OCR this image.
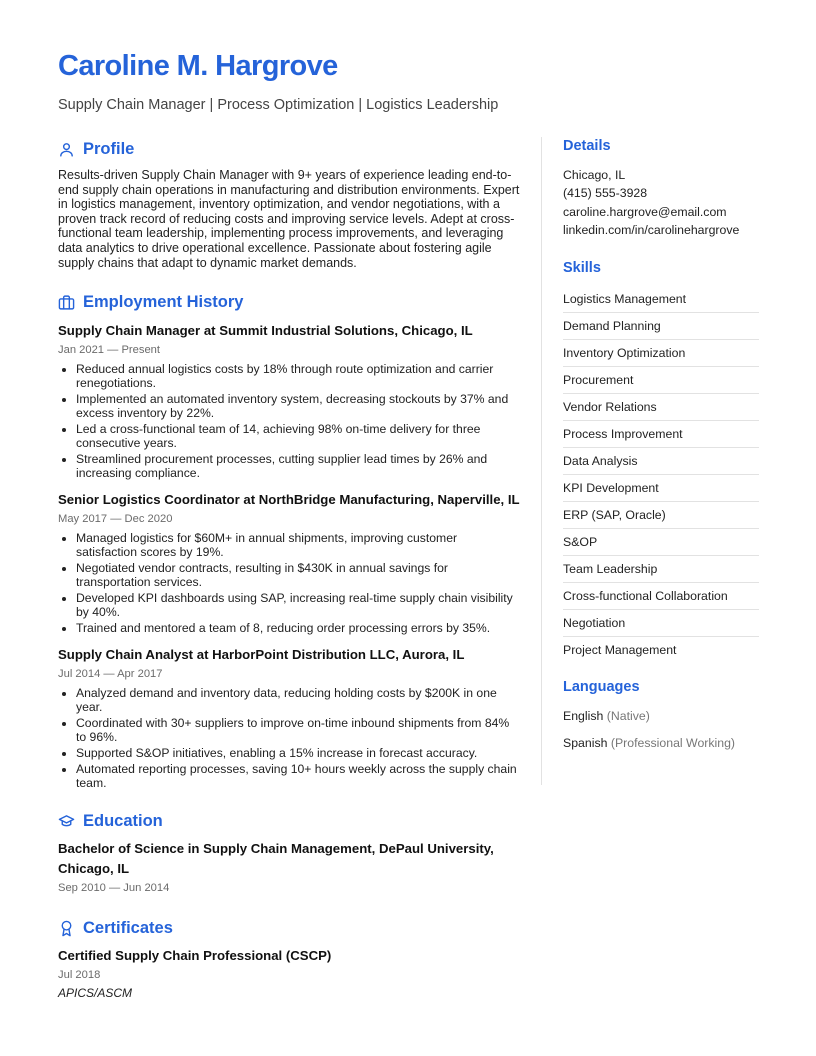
Caroline M. Hargrove
Supply Chain Manager | Process Optimization | Logistics Leadership
Profile
Results-driven Supply Chain Manager with 9+ years of experience leading end-to-end supply chain operations in manufacturing and distribution environments. Expert in logistics management, inventory optimization, and vendor negotiations, with a proven track record of reducing costs and improving service levels. Adept at cross-functional team leadership, implementing process improvements, and leveraging data analytics to drive operational excellence. Passionate about fostering agile supply chains that adapt to dynamic market demands.
Employment History
Supply Chain Manager at Summit Industrial Solutions, Chicago, IL
Jan 2021 — Present
• Reduced annual logistics costs by 18% through route optimization and carrier renegotiations.
• Implemented an automated inventory system, decreasing stockouts by 37% and excess inventory by 22%.
• Led a cross-functional team of 14, achieving 98% on-time delivery for three consecutive years.
• Streamlined procurement processes, cutting supplier lead times by 26% and increasing compliance.
Senior Logistics Coordinator at NorthBridge Manufacturing, Naperville, IL
May 2017 — Dec 2020
• Managed logistics for $60M+ in annual shipments, improving customer satisfaction scores by 19%.
• Negotiated vendor contracts, resulting in $430K in annual savings for transportation services.
• Developed KPI dashboards using SAP, increasing real-time supply chain visibility by 40%.
• Trained and mentored a team of 8, reducing order processing errors by 35%.
Supply Chain Analyst at HarborPoint Distribution LLC, Aurora, IL
Jul 2014 — Apr 2017
• Analyzed demand and inventory data, reducing holding costs by $200K in one year.
• Coordinated with 30+ suppliers to improve on-time inbound shipments from 84% to 96%.
• Supported S&OP initiatives, enabling a 15% increase in forecast accuracy.
• Automated reporting processes, saving 10+ hours weekly across the supply chain team.
Education
Bachelor of Science in Supply Chain Management, DePaul University, Chicago, IL
Sep 2010 — Jun 2014
Certificates
Certified Supply Chain Professional (CSCP)
Jul 2018
APICS/ASCM
Details
Chicago, IL
(415) 555-3928
caroline.hargrove@email.com
linkedin.com/in/carolinehargrove
Skills
Logistics Management
Demand Planning
Inventory Optimization
Procurement
Vendor Relations
Process Improvement
Data Analysis
KPI Development
ERP (SAP, Oracle)
S&OP
Team Leadership
Cross-functional Collaboration
Negotiation
Project Management
Languages
English (Native)
Spanish (Professional Working)
